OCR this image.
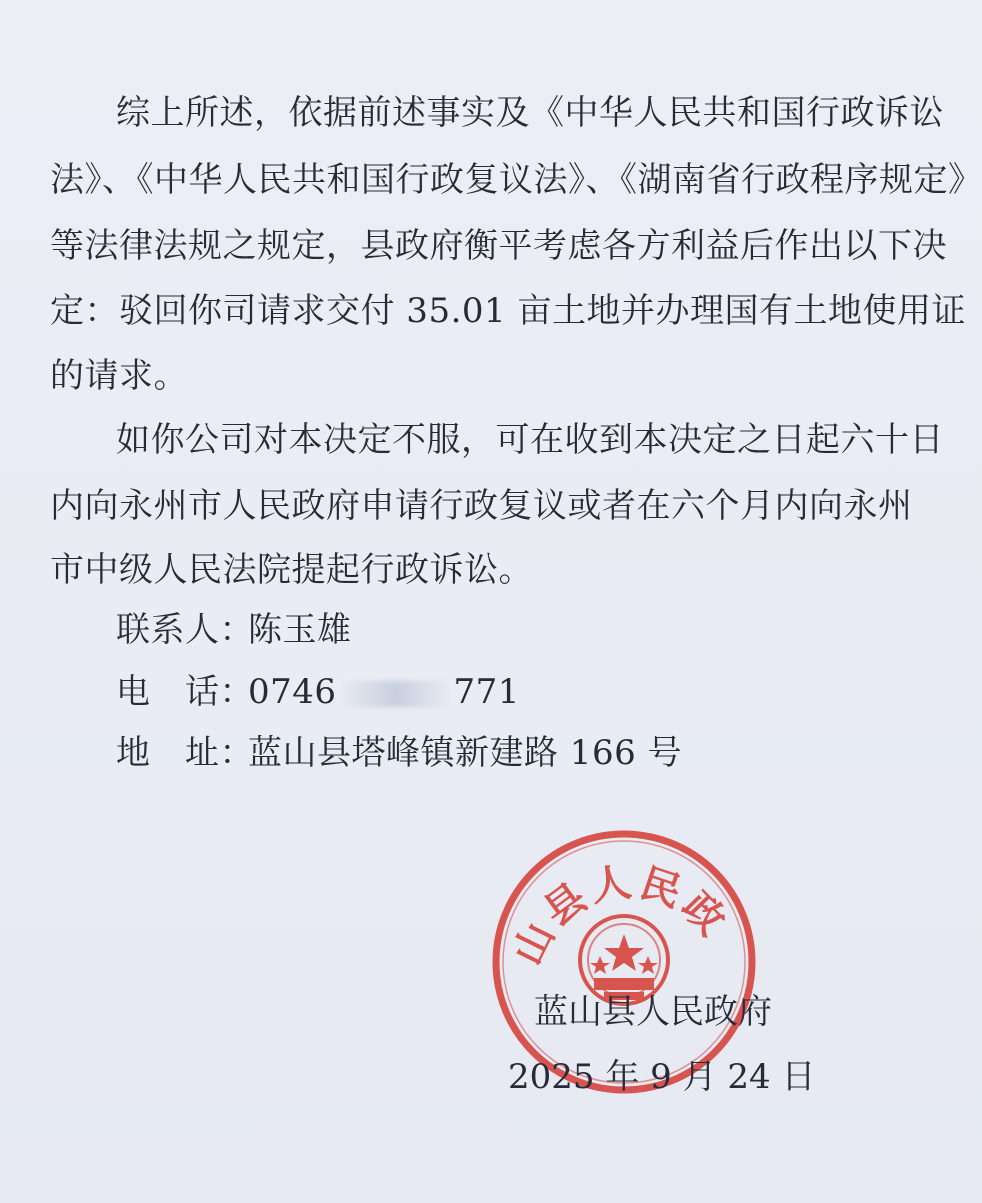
综上所述，依据前述事实及《中华人民共和国行政诉讼
法》、《中华人民共和国行政复议法》、《湖南省行政程序规定》
等法律法规之规定，县政府衡平考虑各方利益后作出以下决
定：驳回你司请求交付 35.01 亩土地并办理国有土地使用证
的请求。
如你公司对本决定不服，可在收到本决定之日起六十日
内向永州市人民政府申请行政复议或者在六个月内向永州
市中级人民法院提起行政诉讼。
联系人：陈玉雄
电　话：0746	771
地　址：蓝山县塔峰镇新建路 166 号
山县人民政
蓝山县人民政府
2025 年 9 月 24 日
